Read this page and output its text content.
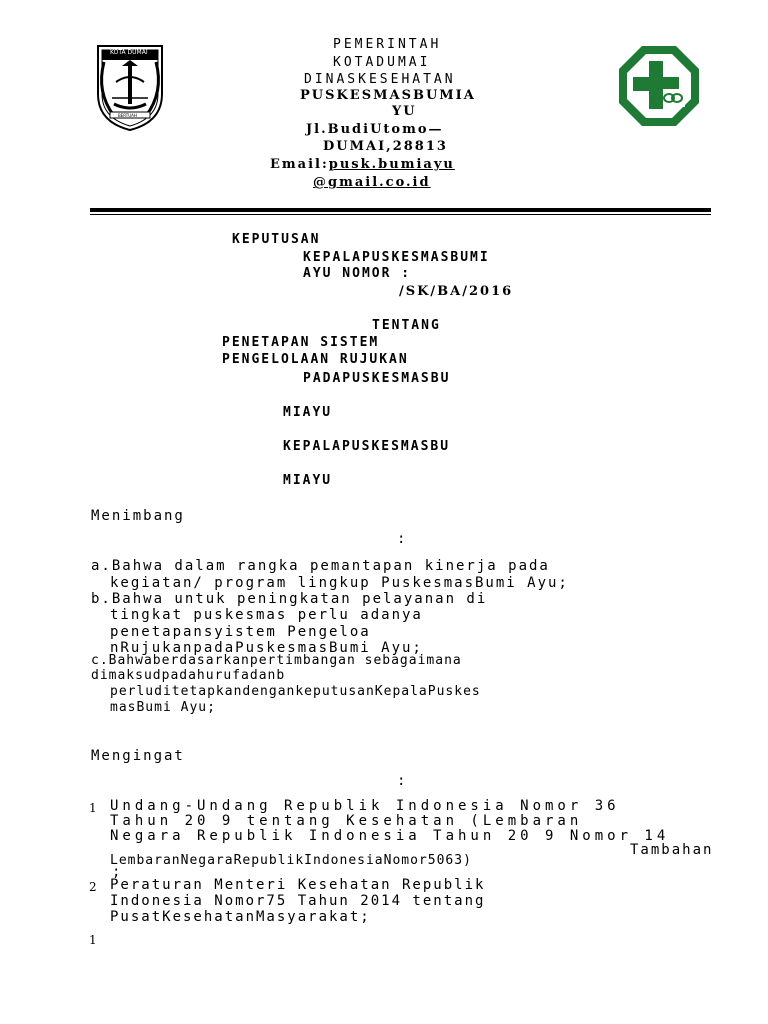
KOTA DUMAI
BERTUAH
PEMERINTAH
KOTADUMAI
DINASKESEHATAN
PUSKESMASBUMIA
YU
Jl.BudiUtomo—
DUMAI,28813
Email:pusk.bumiayu
@gmail.co.id
KEPUTUSAN
KEPALAPUSKESMASBUMI
AYU NOMOR :
/SK/BA/2016
TENTANG
PENETAPAN SISTEM
PENGELOLAAN RUJUKAN
PADAPUSKESMASBU
MIAYU
KEPALAPUSKESMASBU
MIAYU
Menimbang
:
a.Bahwa dalam rangka pemantapan kinerja pada
kegiatan/ program lingkup PuskesmasBumi Ayu;
b.Bahwa untuk peningkatan pelayanan di
tingkat puskesmas perlu adanya
penetapansyistem Pengeloa
nRujukanpadaPuskesmasBumi Ayu;
c.Bahwaberdasarkanpertimbangan sebagaimana
dimaksudpadahurufadanb
perluditetapkandengankeputusanKepalaPuskes
masBumi Ayu;
Mengingat
:
1 Undang-Undang Republik Indonesia Nomor 36
Tahun 20 9 tentang Kesehatan (Lembaran
Negara Republik Indonesia Tahun 20 9 Nomor 14
Tambahan
LembaranNegaraRepublikIndonesiaNomor5063)
;
2 Peraturan Menteri Kesehatan Republik
Indonesia Nomor75 Tahun 2014 tentang
PusatKesehatanMasyarakat;
1
